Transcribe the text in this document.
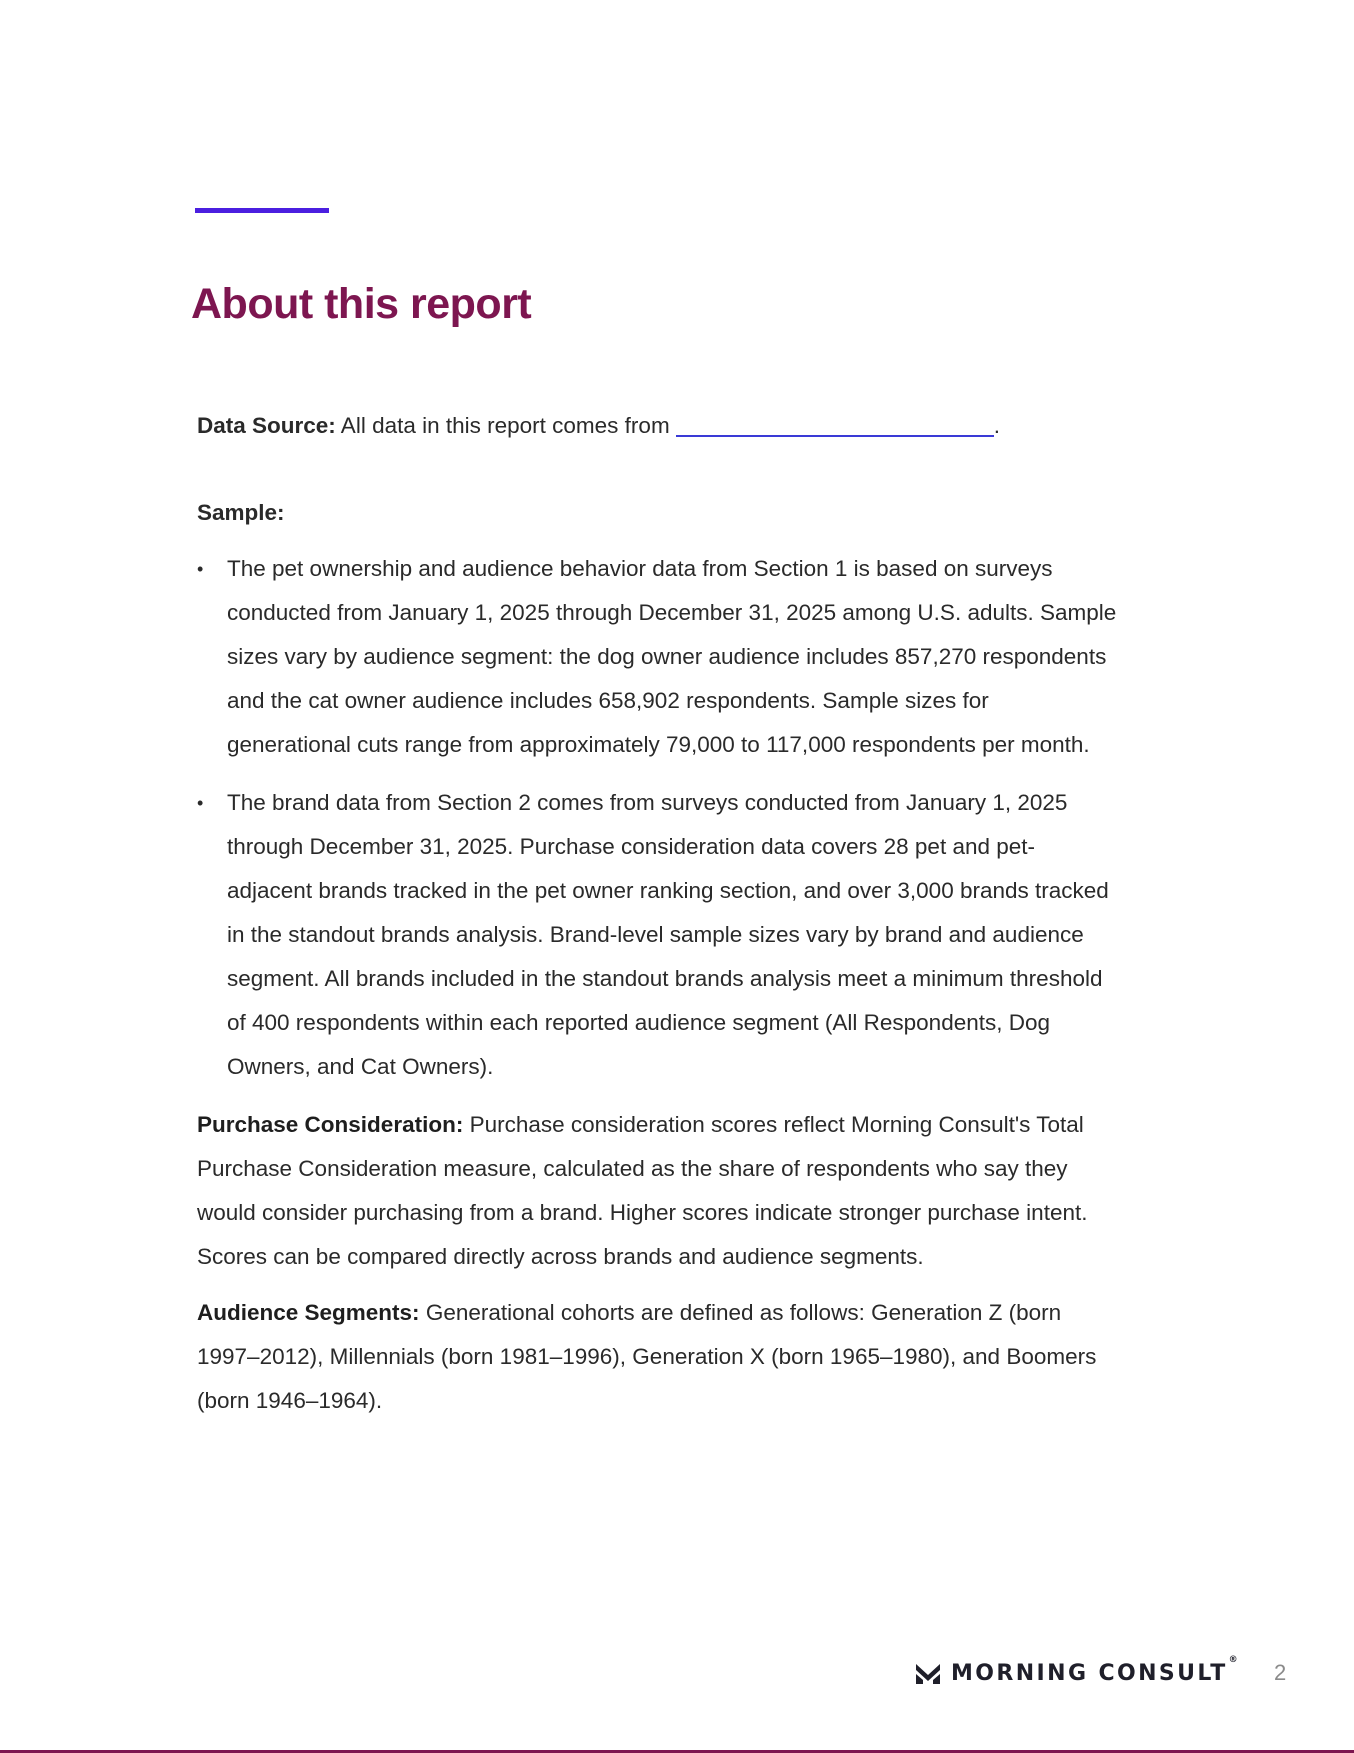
About this report

Data Source: All data in this report comes from	.

Sample:

• The pet ownership and audience behavior data from Section 1 is based on surveys conducted from January 1, 2025 through December 31, 2025 among U.S. adults. Sample sizes vary by audience segment: the dog owner audience includes 857,270 respondents and the cat owner audience includes 658,902 respondents. Sample sizes for generational cuts range from approximately 79,000 to 117,000 respondents per month.
• The brand data from Section 2 comes from surveys conducted from January 1, 2025 through December 31, 2025. Purchase consideration data covers 28 pet and pet-adjacent brands tracked in the pet owner ranking section, and over 3,000 brands tracked in the standout brands analysis. Brand-level sample sizes vary by brand and audience segment. All brands included in the standout brands analysis meet a minimum threshold of 400 respondents within each reported audience segment (All Respondents, Dog Owners, and Cat Owners).

Purchase Consideration: Purchase consideration scores reflect Morning Consult's Total Purchase Consideration measure, calculated as the share of respondents who say they would consider purchasing from a brand. Higher scores indicate stronger purchase intent. Scores can be compared directly across brands and audience segments.

Audience Segments: Generational cohorts are defined as follows: Generation Z (born 1997–2012), Millennials (born 1981–1996), Generation X (born 1965–1980), and Boomers (born 1946–1964).

MORNING CONSULT®
2
